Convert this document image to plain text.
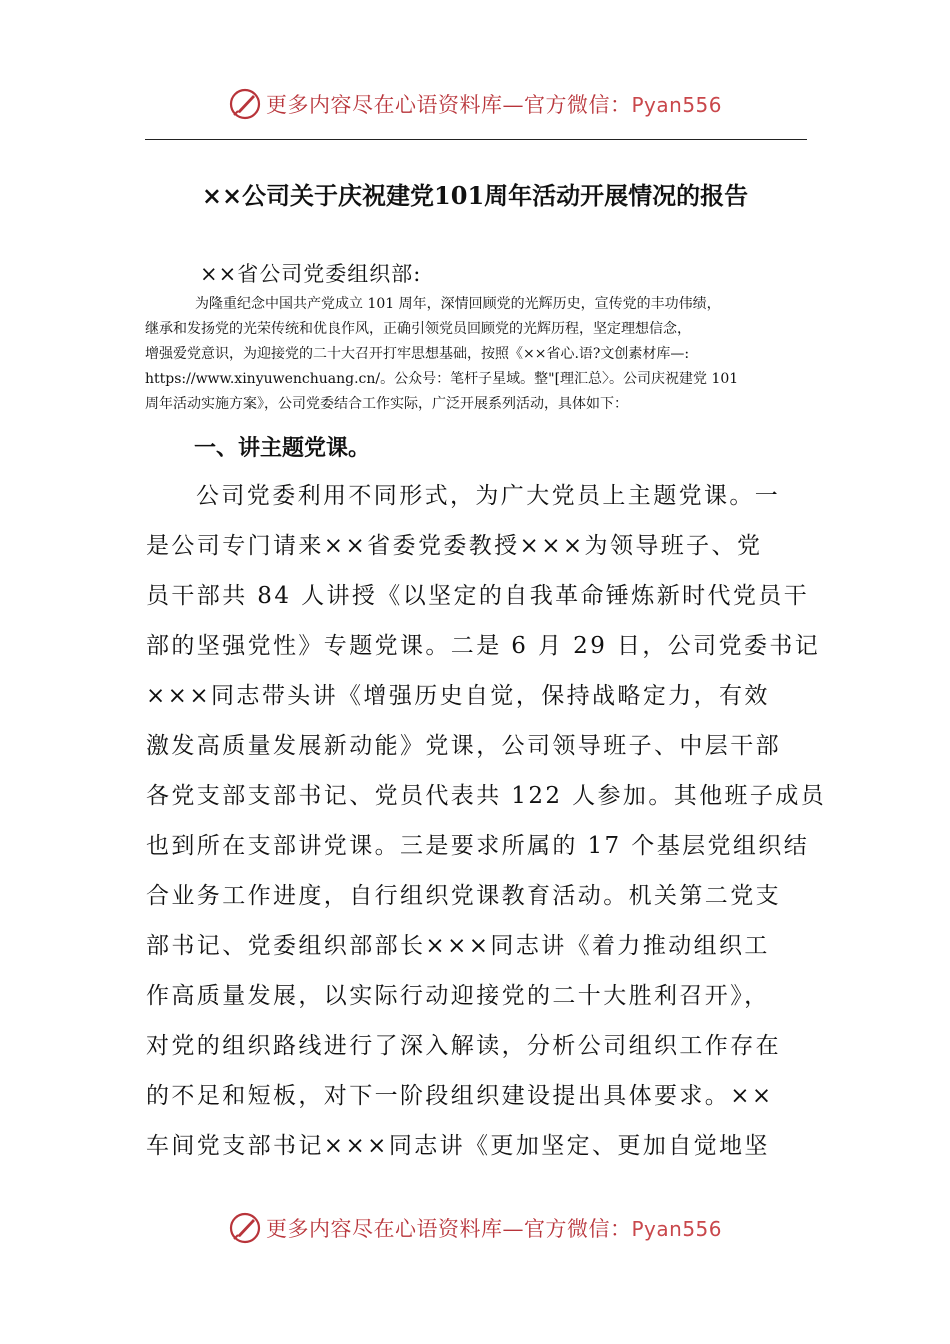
更多内容尽在心语资料库—官方微信：Pyan556
××公司关于庆祝建党101周年活动开展情况的报告
××省公司党委组织部:
为隆重纪念中国共产党成立 101 周年，深情回顾党的光辉历史，宣传党的丰功伟绩，
继承和发扬党的光荣传统和优良作风，正确引领党员回顾党的光辉历程，坚定理想信念，
增强爱党意识，为迎接党的二十大召开打牢思想基础，按照《××省心.语?文创素材库—:
https://www.xinyuwenchuang.cn/。公众号：笔杆子星域。整"[理汇总〉。公司庆祝建党 101
周年活动实施方案》，公司党委结合工作实际，广泛开展系列活动，具体如下：
一、讲主题党课。
公司党委利用不同形式，为广大党员上主题党课。一
是公司专门请来××省委党委教授×××为领导班子、党
员干部共 84 人讲授《以坚定的自我革命锤炼新时代党员干
部的坚强党性》专题党课。二是 6 月 29 日，公司党委书记
×××同志带头讲《增强历史自觉，保持战略定力，有效
激发高质量发展新动能》党课，公司领导班子、中层干部
各党支部支部书记、党员代表共 122 人参加。其他班子成员
也到所在支部讲党课。三是要求所属的 17 个基层党组织结
合业务工作进度，自行组织党课教育活动。机关第二党支
部书记、党委组织部部长×××同志讲《着力推动组织工
作高质量发展，以实际行动迎接党的二十大胜利召开》，
对党的组织路线进行了深入解读，分析公司组织工作存在
的不足和短板，对下一阶段组织建设提出具体要求。××
车间党支部书记×××同志讲《更加坚定、更加自觉地坚
更多内容尽在心语资料库—官方微信：Pyan556
